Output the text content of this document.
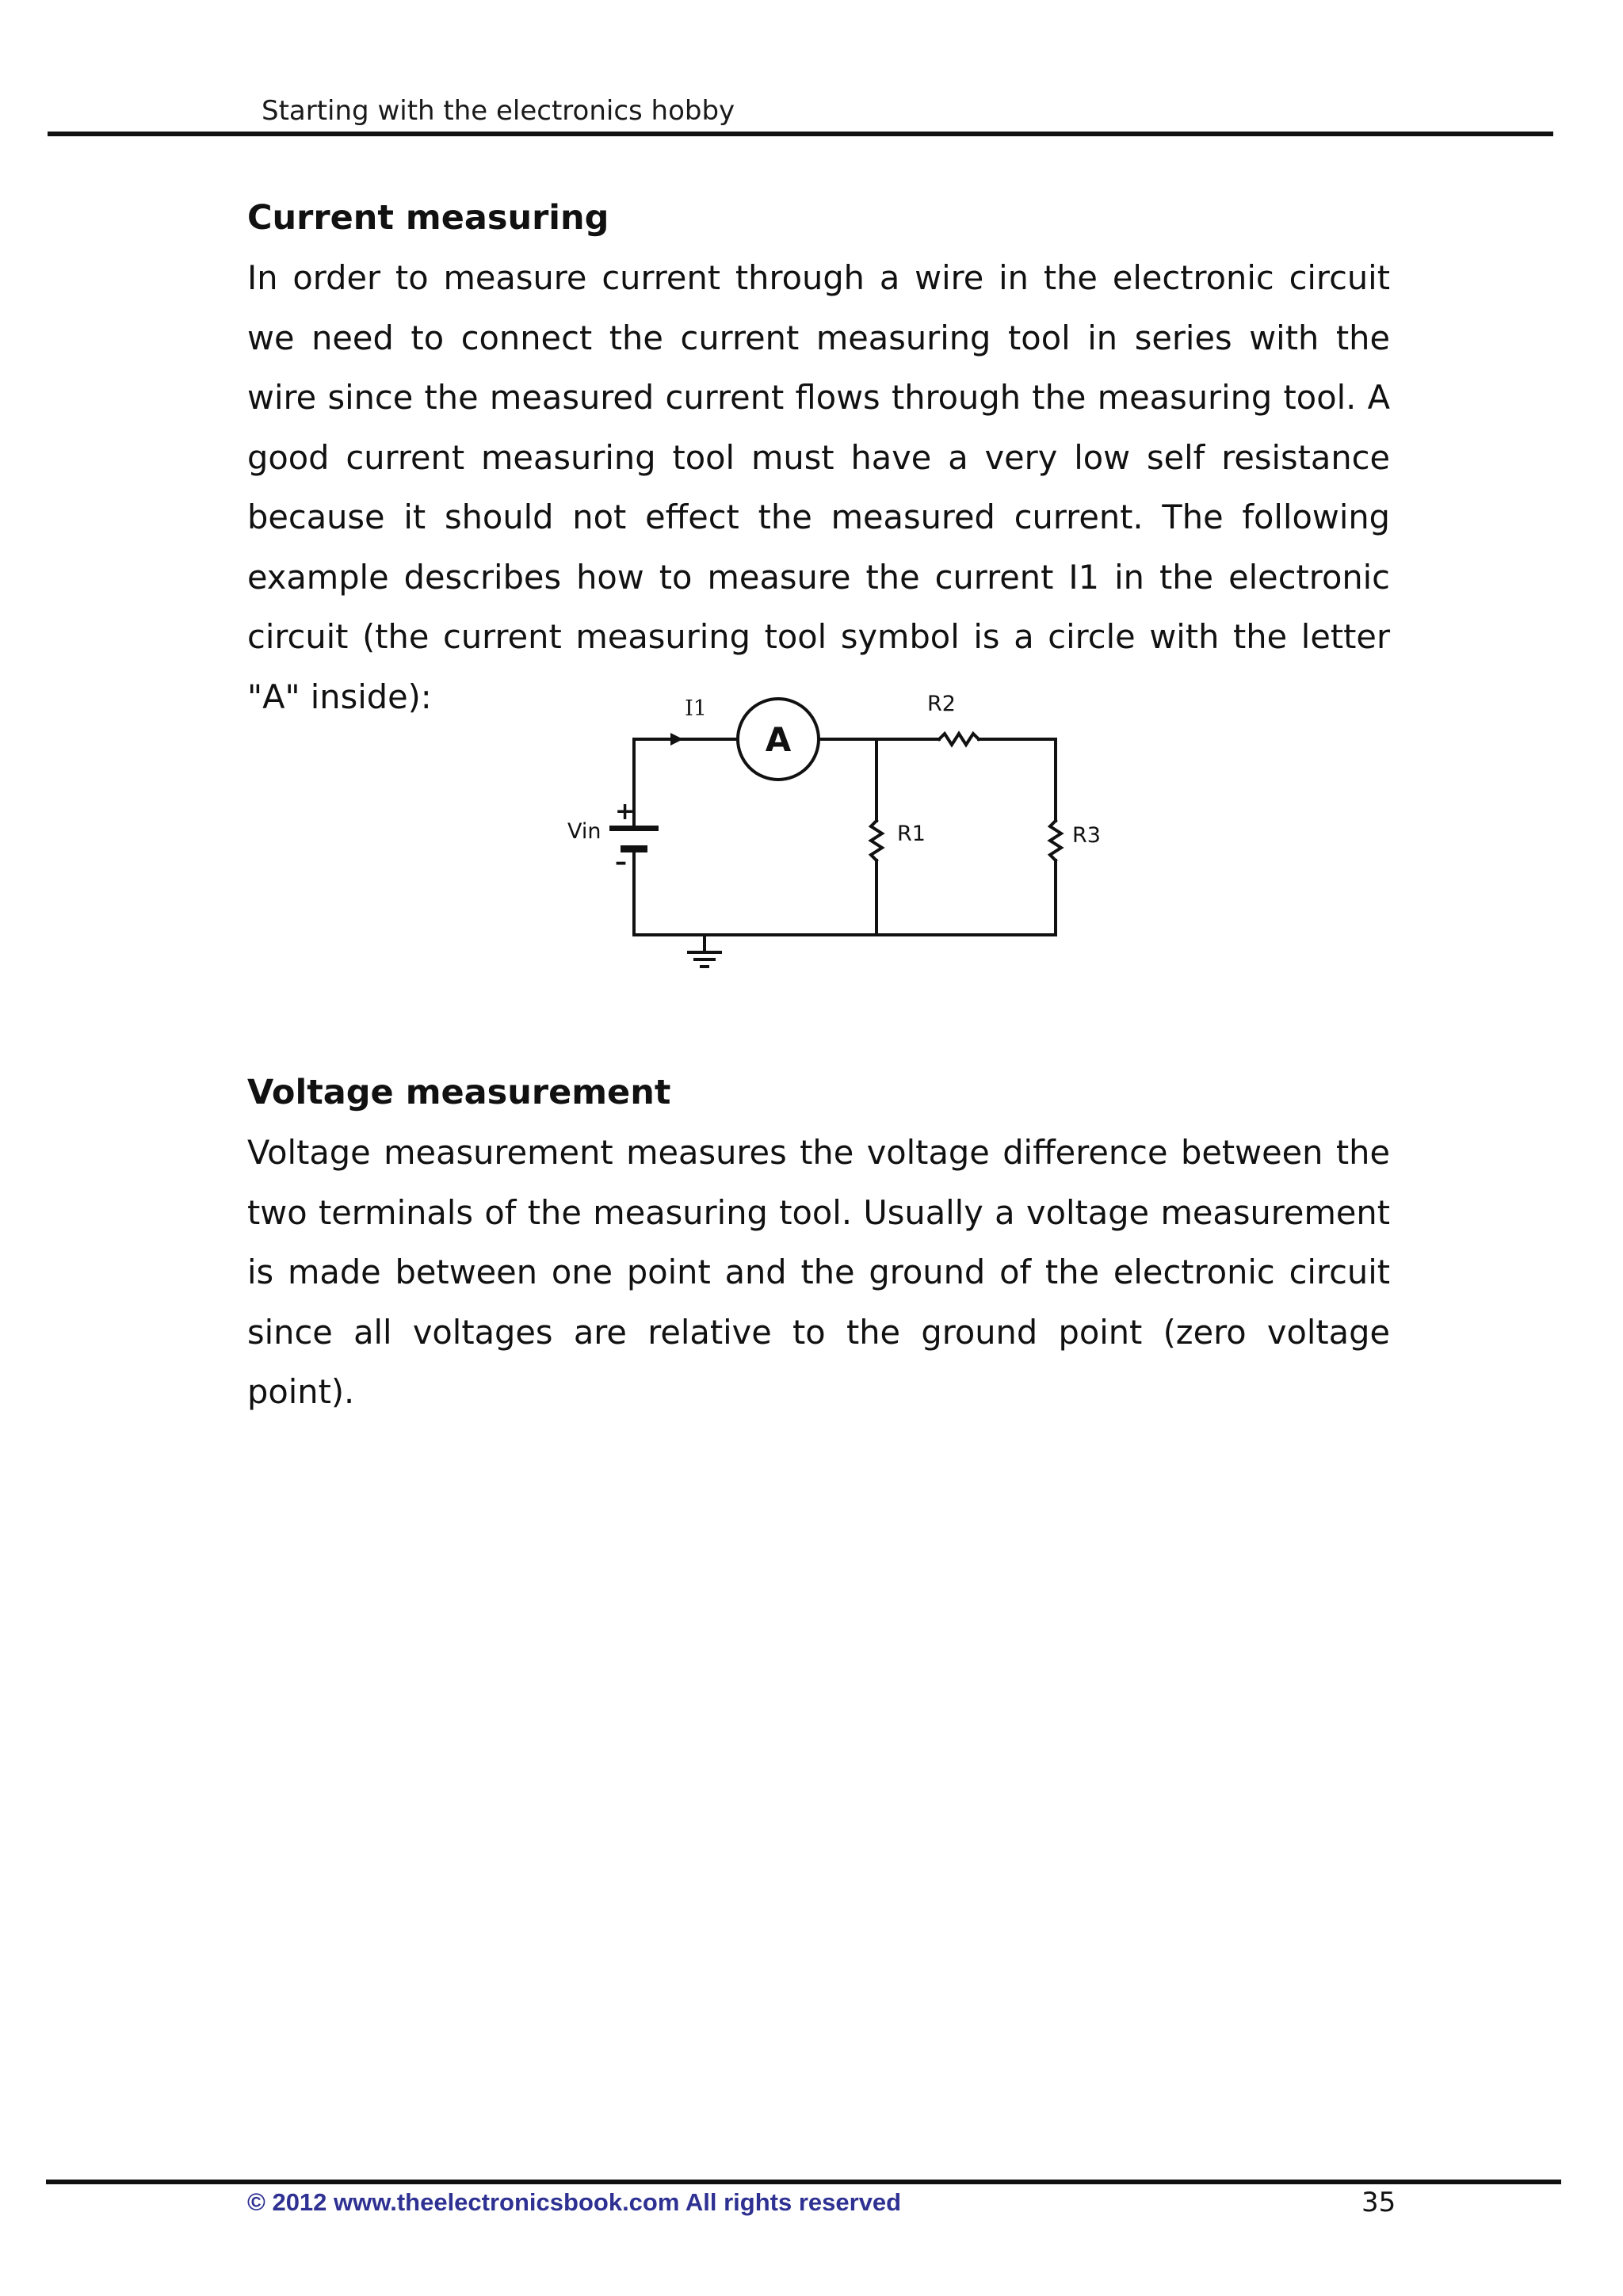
Starting with the electronics hobby
Current measuring

In order to measure current through a wire in the electronic circuit we need to connect the current measuring tool in series with the wire since the measured current flows through the measuring tool. A good current measuring tool must have a very low self resistance because it should not effect the measured current. The following example describes how to measure the current I1 in the electronic circuit (the current measuring tool symbol is a circle with the letter "A" inside):

A
I1	R2
R1	R3
Vin
+
–
Voltage measurement

Voltage measurement measures the voltage difference between the two terminals of the measuring tool. Usually a voltage measurement is made between one point and the ground of the electronic circuit since all voltages are relative to the ground point (zero voltage point).

© 2012 www.theelectronicsbook.com All rights reserved	35
